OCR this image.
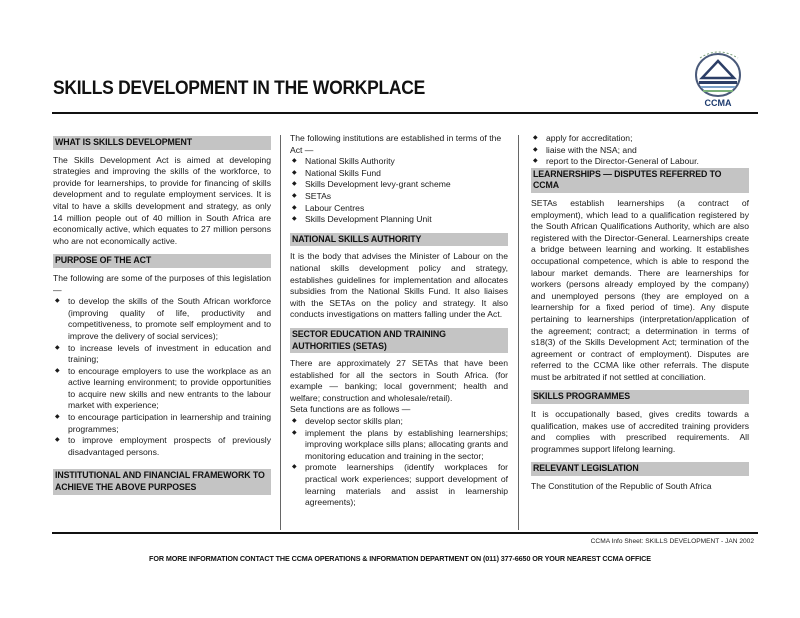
SKILLS DEVELOPMENT IN THE WORKPLACE
CCMA
WHAT IS SKILLS DEVELOPMENT
The Skills Development Act is aimed at developing strategies and improving the skills of the workforce, to provide for learnerships, to provide for financing of skills development and to regulate employment services. It is vital to have a skills development and strategy, as only 14 million people out of 40 million in South Africa are economically active, which equates to 27 million persons who are not economically active.
PURPOSE OF THE ACT
The following are some of the purposes of this legislation —
◆ to develop the skills of the South African workforce (improving quality of life, productivity and competitiveness, to promote self employment and to improve the delivery of social services);
◆ to increase levels of investment in education and training;
◆ to encourage employers to use the workplace as an active learning environment; to provide opportunities to acquire new skills and new entrants to the labour market with experience;
◆ to encourage participation in learnership and training programmes;
◆ to improve employment prospects of previously disadvantaged persons.
INSTITUTIONAL AND FINANCIAL FRAMEWORK TO ACHIEVE THE ABOVE PURPOSES
The following institutions are established in terms of the Act —
◆ National Skills Authority
◆ National Skills Fund
◆ Skills Development levy-grant scheme
◆ SETAs
◆ Labour Centres
◆ Skills Development Planning Unit
NATIONAL SKILLS AUTHORITY
It is the body that advises the Minister of Labour on the national skills development policy and strategy, establishes guidelines for implementation and allocates subsidies from the National Skills Fund. It also liaises with the SETAs on the policy and strategy. It also conducts investigations on matters falling under the Act.
SECTOR EDUCATION AND TRAINING AUTHORITIES (SETAS)
There are approximately 27 SETAs that have been established for all the sectors in South Africa. (for example — banking; local government; health and welfare; construction and wholesale/retail).
Seta functions are as follows —
◆ develop sector skills plan;
◆ implement the plans by establishing learnerships; improving workplace sills plans; allocating grants and monitoring education and training in the sector;
◆ promote learnerships (identify workplaces for practical work experiences; support development of learning materials and assist in learnership agreements);
◆ apply for accreditation;
◆ liaise with the NSA; and
◆ report to the Director-General of Labour.
LEARNERSHIPS — DISPUTES REFERRED TO CCMA
SETAs establish learnerships (a contract of employment), which lead to a qualification registered by the South African Qualifications Authority, which are also registered with the Director-General. Learnerships create a bridge between learning and working. It establishes occupational competence, which is able to respond the labour market demands. There are learnerships for workers (persons already employed by the company) and unemployed persons (they are employed on a learnership for a fixed period of time). Any dispute pertaining to learnerships (interpretation/application of the agreement; contract; a determination in terms of s18(3) of the Skills Development Act; termination of the agreement or contract of employment). Disputes are referred to the CCMA like other referrals. The dispute must be arbitrated if not settled at conciliation.
SKILLS PROGRAMMES
It is occupationally based, gives credits towards a qualification, makes use of accredited training providers and complies with prescribed requirements. All programmes support lifelong learning.
RELEVANT LEGISLATION
The Constitution of the Republic of South Africa
CCMA Info Sheet: SKILLS DEVELOPMENT - JAN 2002
FOR MORE INFORMATION CONTACT THE CCMA OPERATIONS & INFORMATION DEPARTMENT ON (011) 377-6650 OR YOUR NEAREST CCMA OFFICE
